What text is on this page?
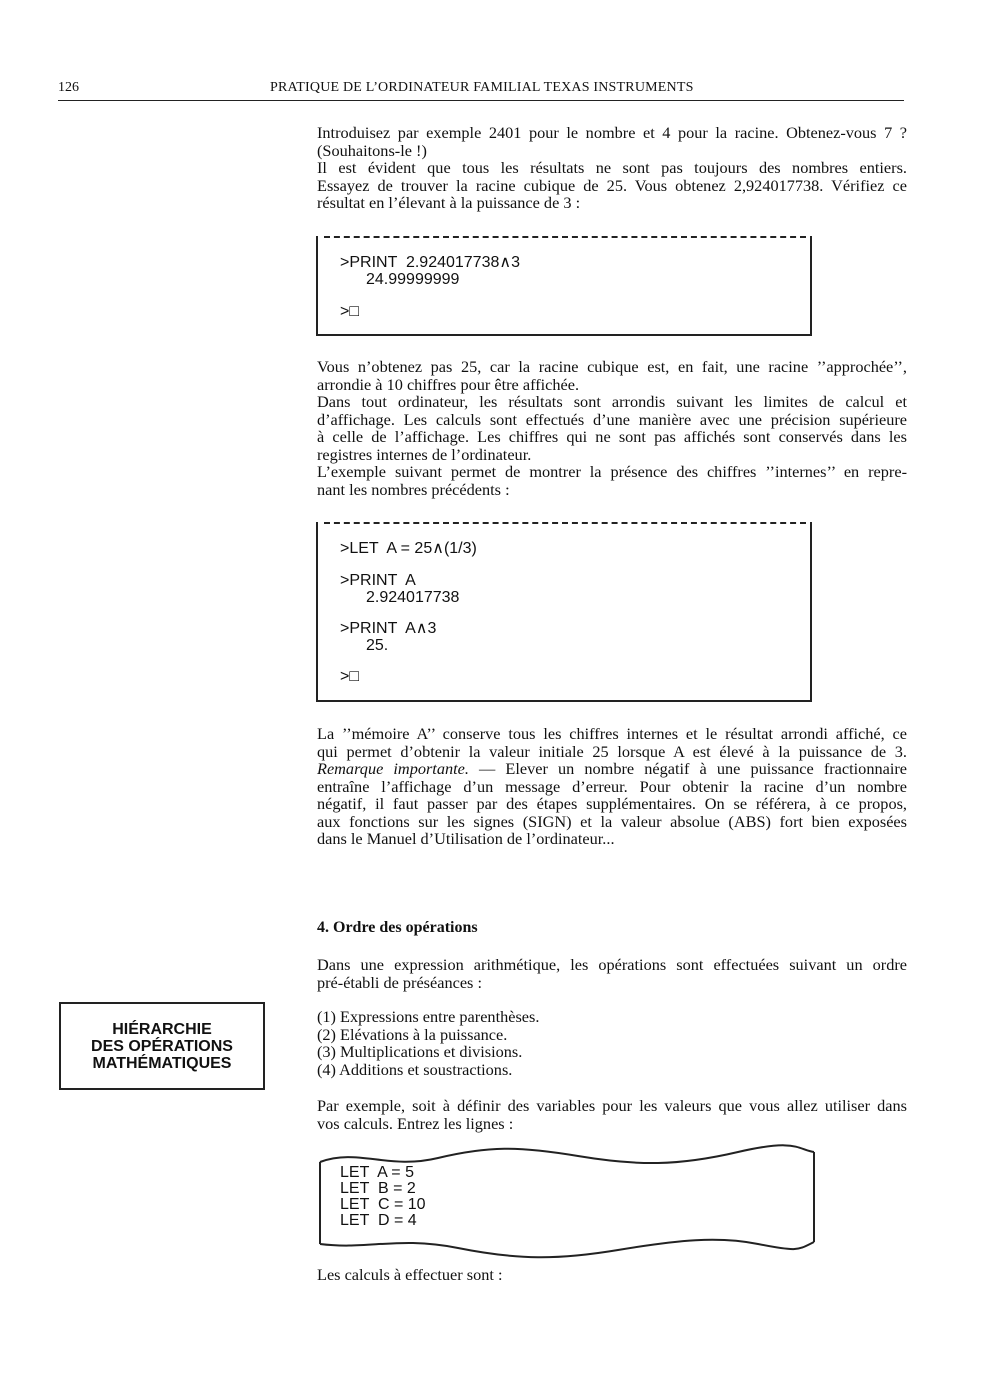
126	PRATIQUE DE L’ORDINATEUR FAMILIAL TEXAS INSTRUMENTS
Introduisez par exemple 2401 pour le nombre et 4 pour la racine. Obtenez-vous 7 ?
(Souhaitons-le !)
Il est évident que tous les résultats ne sont pas toujours des nombres entiers.
Essayez de trouver la racine cubique de 25. Vous obtenez 2,924017738. Vérifiez ce
résultat en l’élevant à la puissance de 3 :
>PRINT  2.924017738∧3
24.99999999
>□
Vous n’obtenez pas 25, car la racine cubique est, en fait, une racine ’’approchée’’,
arrondie à 10 chiffres pour être affichée.
Dans tout ordinateur, les résultats sont arrondis suivant les limites de calcul et
d’affichage. Les calculs sont effectués d’une manière avec une précision supérieure
à celle de l’affichage. Les chiffres qui ne sont pas affichés sont conservés dans les
registres internes de l’ordinateur.
L’exemple suivant permet de montrer la présence des chiffres ’’internes’’ en repre-
nant les nombres précédents :
>LET  A = 25∧(1/3)
>PRINT  A
2.924017738
>PRINT  A∧3
25.
>□
La ’’mémoire A’’ conserve tous les chiffres internes et le résultat arrondi affiché, ce
qui permet d’obtenir la valeur initiale 25 lorsque A est élevé à la puissance de 3.
Remarque importante. — Elever un nombre négatif à une puissance fractionnaire
entraîne l’affichage d’un message d’erreur. Pour obtenir la racine d’un nombre
négatif, il faut passer par des étapes supplémentaires. On se référera, à ce propos,
aux fonctions sur les signes (SIGN) et la valeur absolue (ABS) fort bien exposées
dans le Manuel d’Utilisation de l’ordinateur...
4. Ordre des opérations
Dans une expression arithmétique, les opérations sont effectuées suivant un ordre
pré-établi de préséances :
HIÉRARCHIE
DES OPÉRATIONS
MATHÉMATIQUES
(1) Expressions entre parenthèses.
(2) Elévations à la puissance.
(3) Multiplications et divisions.
(4) Additions et soustractions.
Par exemple, soit à définir des variables pour les valeurs que vous allez utiliser dans
vos calculs. Entrez les lignes :
LET  A = 5
LET  B = 2
LET  C = 10
LET  D = 4
Les calculs à effectuer sont :
